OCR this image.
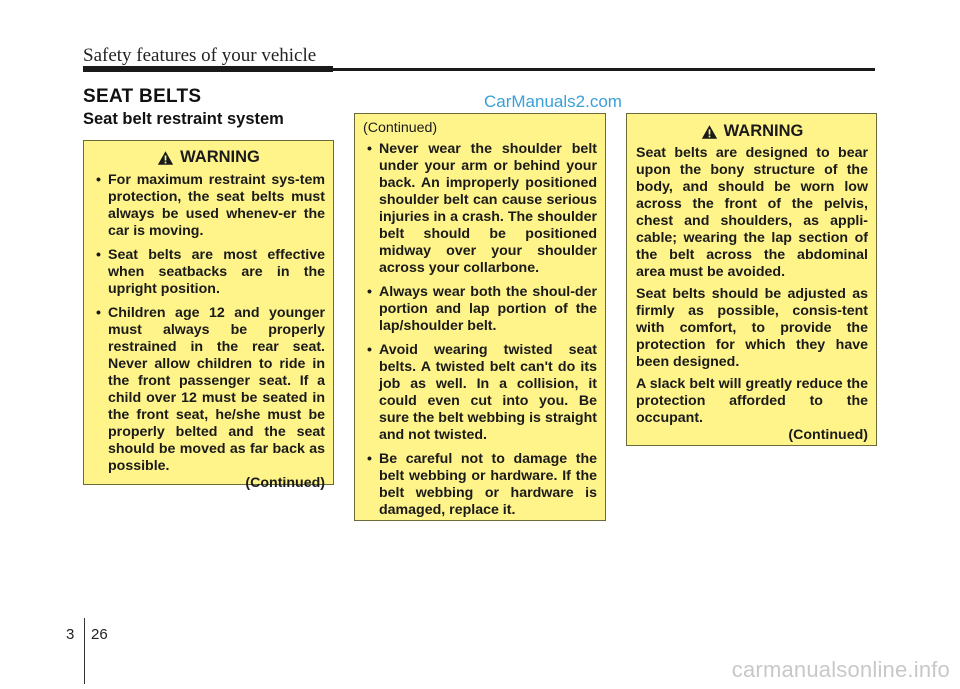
Safety features of your vehicle
SEAT BELTS	CarManuals2.com
Seat belt restraint system
WARNING
• For maximum restraint sys-tem protection, the seat belts must always be used whenev-er the car is moving.
• Seat belts are most effective when seatbacks are in the upright position.
• Children age 12 and younger must always be properly restrained in the rear seat. Never allow children to ride in the front passenger seat. If a child over 12 must be seated in the front seat, he/she must be properly belted and the seat should be moved as far back as possible.
(Continued)
(Continued)
• Never wear the shoulder belt under your arm or behind your back. An improperly positioned shoulder belt can cause serious injuries in a crash. The shoulder belt should be positioned midway over your shoulder across your collarbone.
• Always wear both the shoul-der portion and lap portion of the lap/shoulder belt.
• Avoid wearing twisted seat belts. A twisted belt can't do its job as well. In a collision, it could even cut into you. Be sure the belt webbing is straight and not twisted.
• Be careful not to damage the belt webbing or hardware. If the belt webbing or hardware is damaged, replace it.
WARNING

Seat belts are designed to bear upon the bony structure of the body, and should be worn low across the front of the pelvis, chest and shoulders, as appli-cable; wearing the lap section of the belt across the abdominal area must be avoided.

Seat belts should be adjusted as firmly as possible, consis-tent with comfort, to provide the protection for which they have been designed.

A slack belt will greatly reduce the protection afforded to the occupant.

(Continued)
3 26
carmanualsonline.info
